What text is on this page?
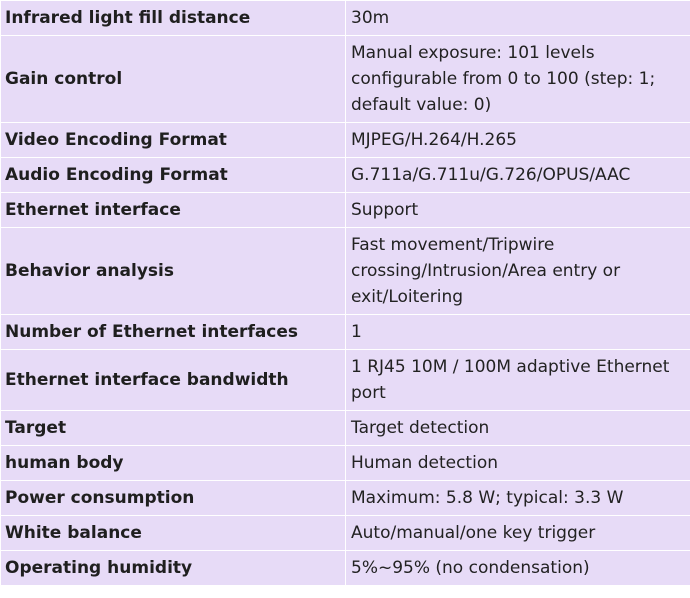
Infrared light fill distance	30m
Gain control	Manual exposure: 101 levels configurable from 0 to 100 (step: 1; default value: 0)
Video Encoding Format	MJPEG/H.264/H.265
Audio Encoding Format	G.711a/G.711u/G.726/OPUS/AAC
Ethernet interface	Support
Behavior analysis	Fast movement/Tripwire crossing/Intrusion/Area entry or exit/Loitering
Number of Ethernet interfaces	1
Ethernet interface bandwidth	1 RJ45 10M / 100M adaptive Ethernet port
Target	Target detection
human body	Human detection
Power consumption	Maximum: 5.8 W; typical: 3.3 W
White balance	Auto/manual/one key trigger
Operating humidity	5%~95% (no condensation)
